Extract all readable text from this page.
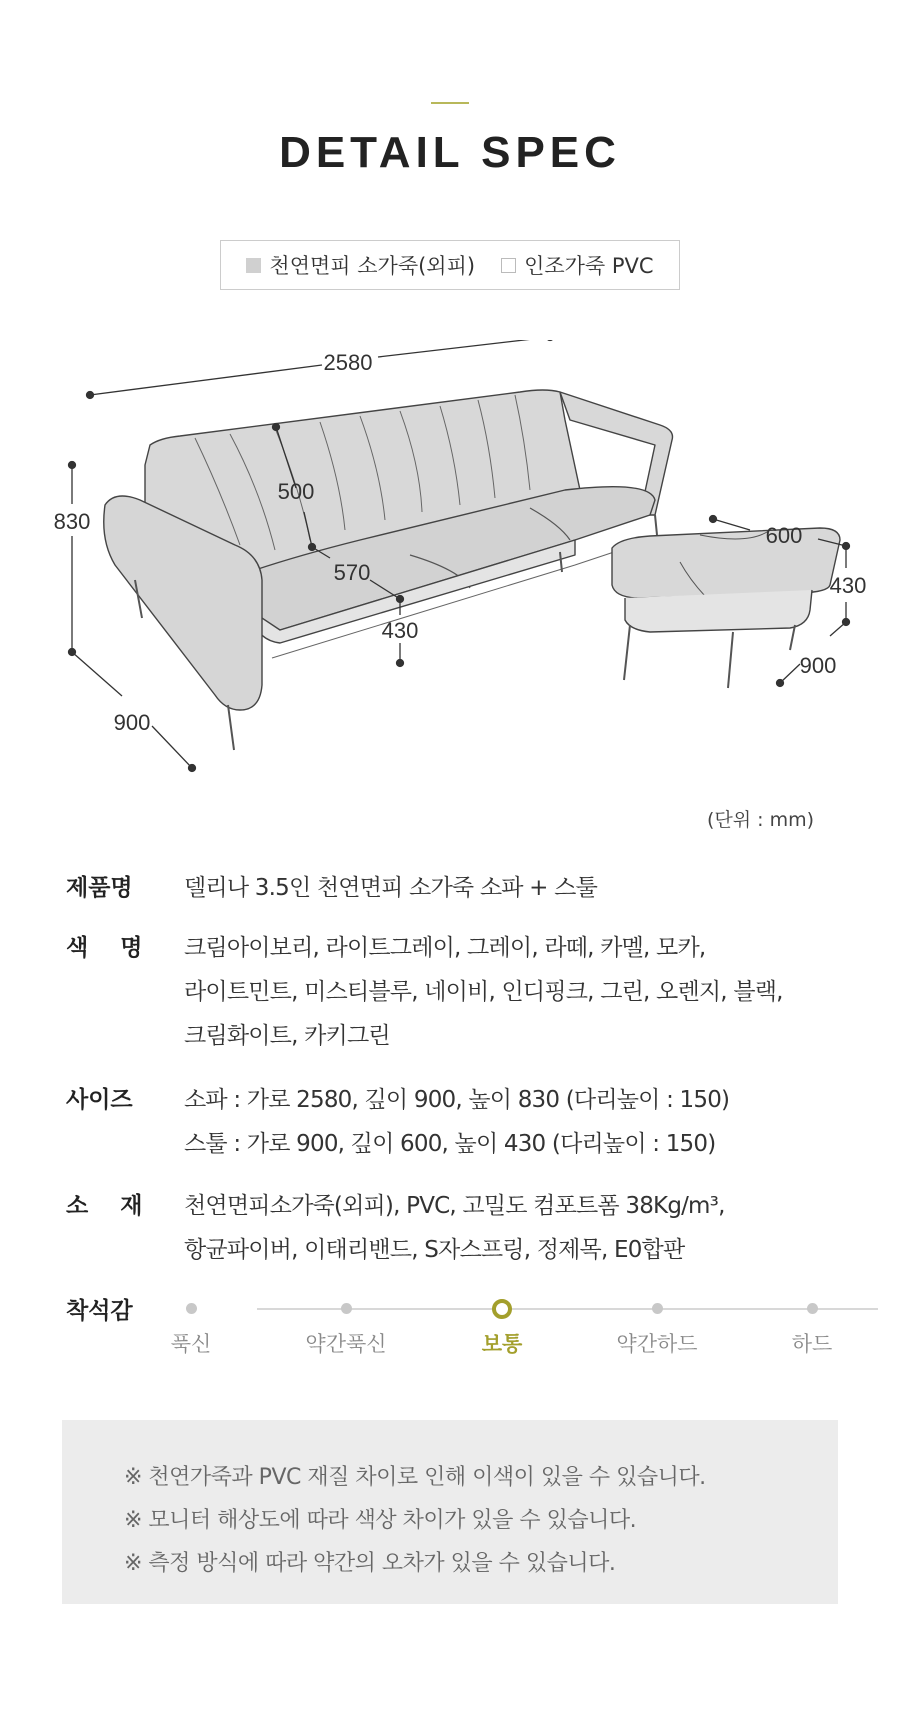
DETAIL SPEC
천연면피 소가죽(외피) 인조가죽 PVC
2580
830
900
500
570
430
600
430
900
(단위 : mm)
제품명	델리나 3.5인 천연면피 소가죽 소파 + 스툴
색    명	크림아이보리, 라이트그레이, 그레이, 라떼, 카멜, 모카,
라이트민트, 미스티블루, 네이비, 인디핑크, 그린, 오렌지, 블랙,
크림화이트, 카키그린
사이즈	소파 : 가로 2580, 깊이 900, 높이 830 (다리높이 : 150)
스툴 : 가로 900, 깊이 600, 높이 430 (다리높이 : 150)
소    재	천연면피소가죽(외피), PVC, 고밀도 컴포트폼 38Kg/m³,
항균파이버, 이태리밴드, S자스프링, 정제목, E0합판
착석감
푹신	약간푹신	보통	약간하드	하드
※ 천연가죽과 PVC 재질 차이로 인해 이색이 있을 수 있습니다.
※ 모니터 해상도에 따라 색상 차이가 있을 수 있습니다.
※ 측정 방식에 따라 약간의 오차가 있을 수 있습니다.
